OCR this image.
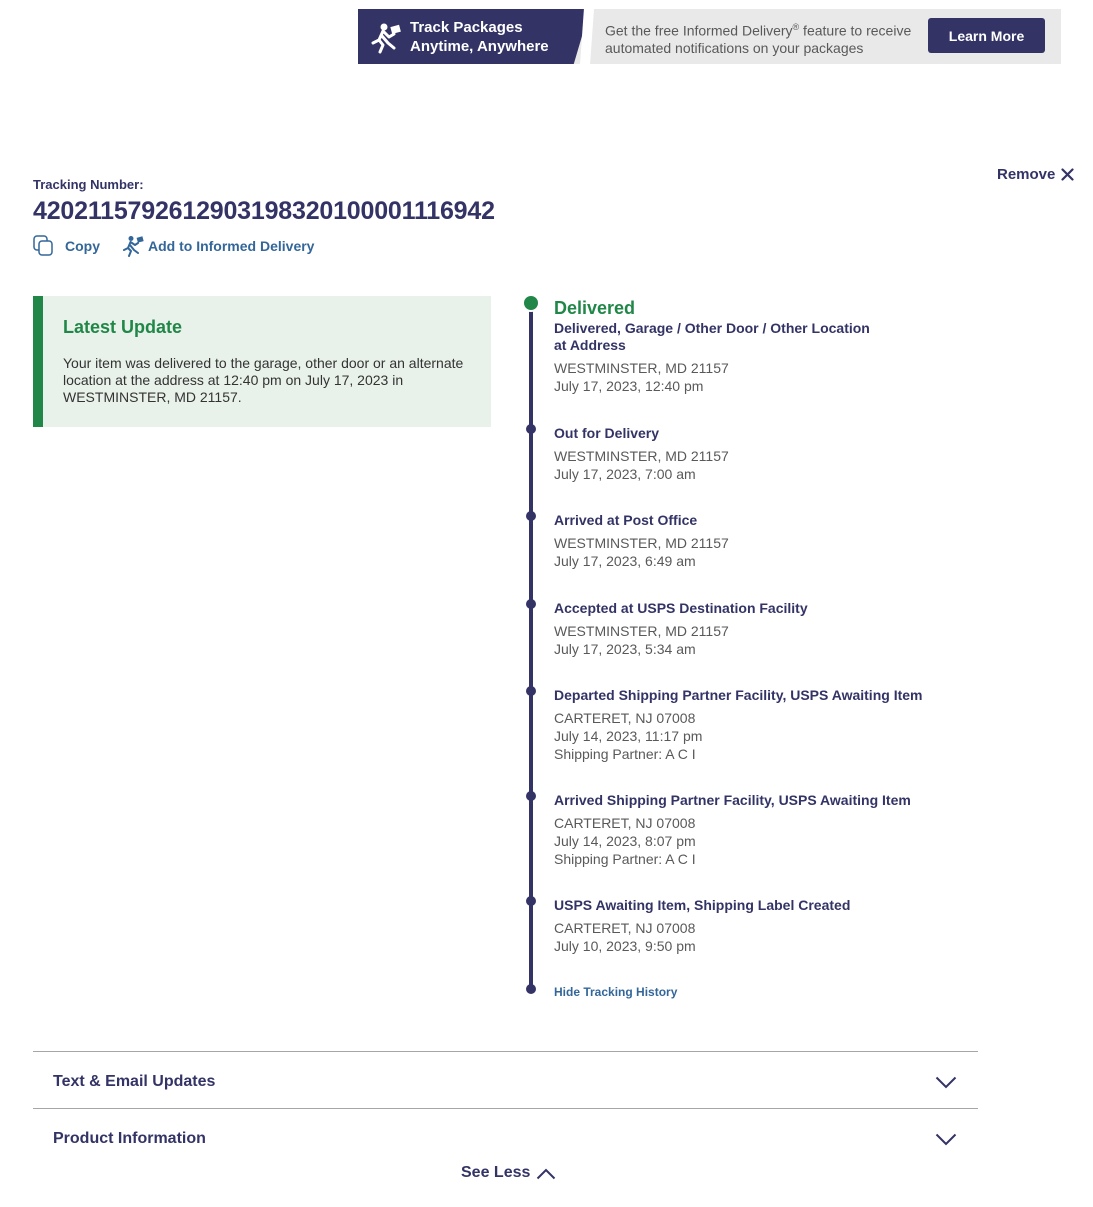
Track Packages
Anytime, Anywhere
Get the free Informed Delivery® feature to receive automated notifications on your packages
Learn More
Remove
Tracking Number:
4202115792612903198320100001116942
Copy	Add to Informed Delivery
Latest Update
Your item was delivered to the garage, other door or an alternate location at the address at 12:40 pm on July 17, 2023 in WESTMINSTER, MD 21157.
Delivered
Delivered, Garage / Other Door / Other Location at Address
WESTMINSTER, MD 21157
July 17, 2023, 12:40 pm
Out for Delivery
WESTMINSTER, MD 21157
July 17, 2023, 7:00 am
Arrived at Post Office
WESTMINSTER, MD 21157
July 17, 2023, 6:49 am
Accepted at USPS Destination Facility
WESTMINSTER, MD 21157
July 17, 2023, 5:34 am
Departed Shipping Partner Facility, USPS Awaiting Item
CARTERET, NJ 07008
July 14, 2023, 11:17 pm
Shipping Partner: A C I
Arrived Shipping Partner Facility, USPS Awaiting Item
CARTERET, NJ 07008
July 14, 2023, 8:07 pm
Shipping Partner: A C I
USPS Awaiting Item, Shipping Label Created
CARTERET, NJ 07008
July 10, 2023, 9:50 pm
Hide Tracking History
Text & Email Updates
Product Information
See Less
